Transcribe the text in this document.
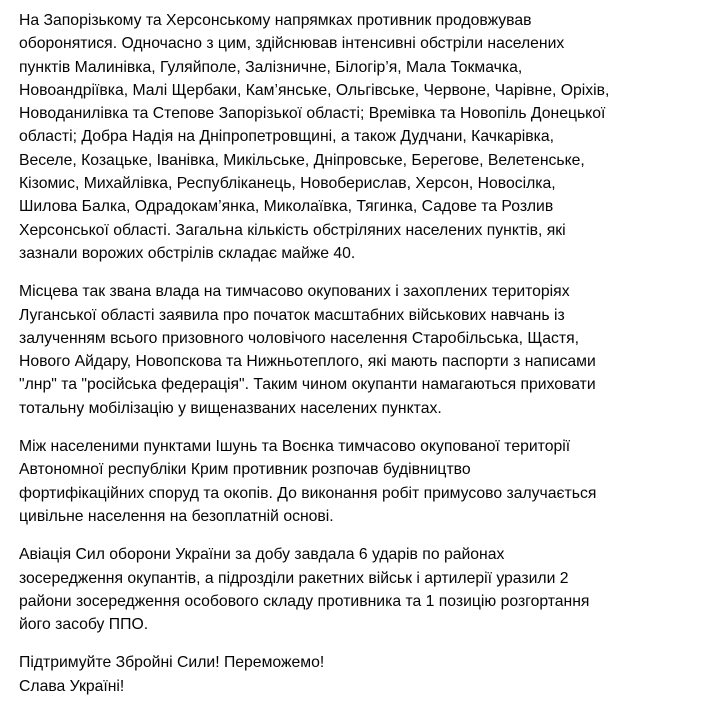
На Запорізькому та Херсонському напрямках противник продовжував
оборонятися. Одночасно з цим, здійснював інтенсивні обстріли населених
пунктів Малинівка, Гуляйполе, Залізничне, Білогір’я, Мала Токмачка,
Новоандріївка, Малі Щербаки, Кам’янське, Ольгівське, Червоне, Чарівне, Оріхів,
Новоданилівка та Степове Запорізької області; Времівка та Новопіль Донецької
області; Добра Надія на Дніпропетровщині, а також Дудчани, Качкарівка,
Веселе, Козацьке, Іванівка, Микільське, Дніпровське, Берегове, Велетенське,
Кізомис, Михайлівка, Республіканець, Новоберислав, Херсон, Новосілка,
Шилова Балка, Одрадокам’янка, Миколаївка, Тягинка, Садове та Розлив
Херсонської області. Загальна кількість обстріляних населених пунктів, які
зазнали ворожих обстрілів складає майже 40.

Місцева так звана влада на тимчасово окупованих і захоплених територіях
Луганської області заявила про початок масштабних військових навчань із
залученням всього призовного чоловічого населення Старобільська, Щастя,
Нового Айдару, Новопскова та Нижньотеплого, які мають паспорти з написами
"лнр" та "російська федерація". Таким чином окупанти намагаються приховати
тотальну мобілізацію у вищеназваних населених пунктах.

Між населеними пунктами Ішунь та Воєнка тимчасово окупованої території
Автономної республіки Крим противник розпочав будівництво
фортифікаційних споруд та окопів. До виконання робіт примусово залучається
цивільне населення на безоплатній основі.

Авіація Сил оборони України за добу завдала 6 ударів по районах
зосередження окупантів, а підрозділи ракетних військ і артилерії уразили 2
райони зосередження особового складу противника та 1 позицію розгортання
його засобу ППО.

Підтримуйте Збройні Сили! Переможемо!
Слава Україні!
